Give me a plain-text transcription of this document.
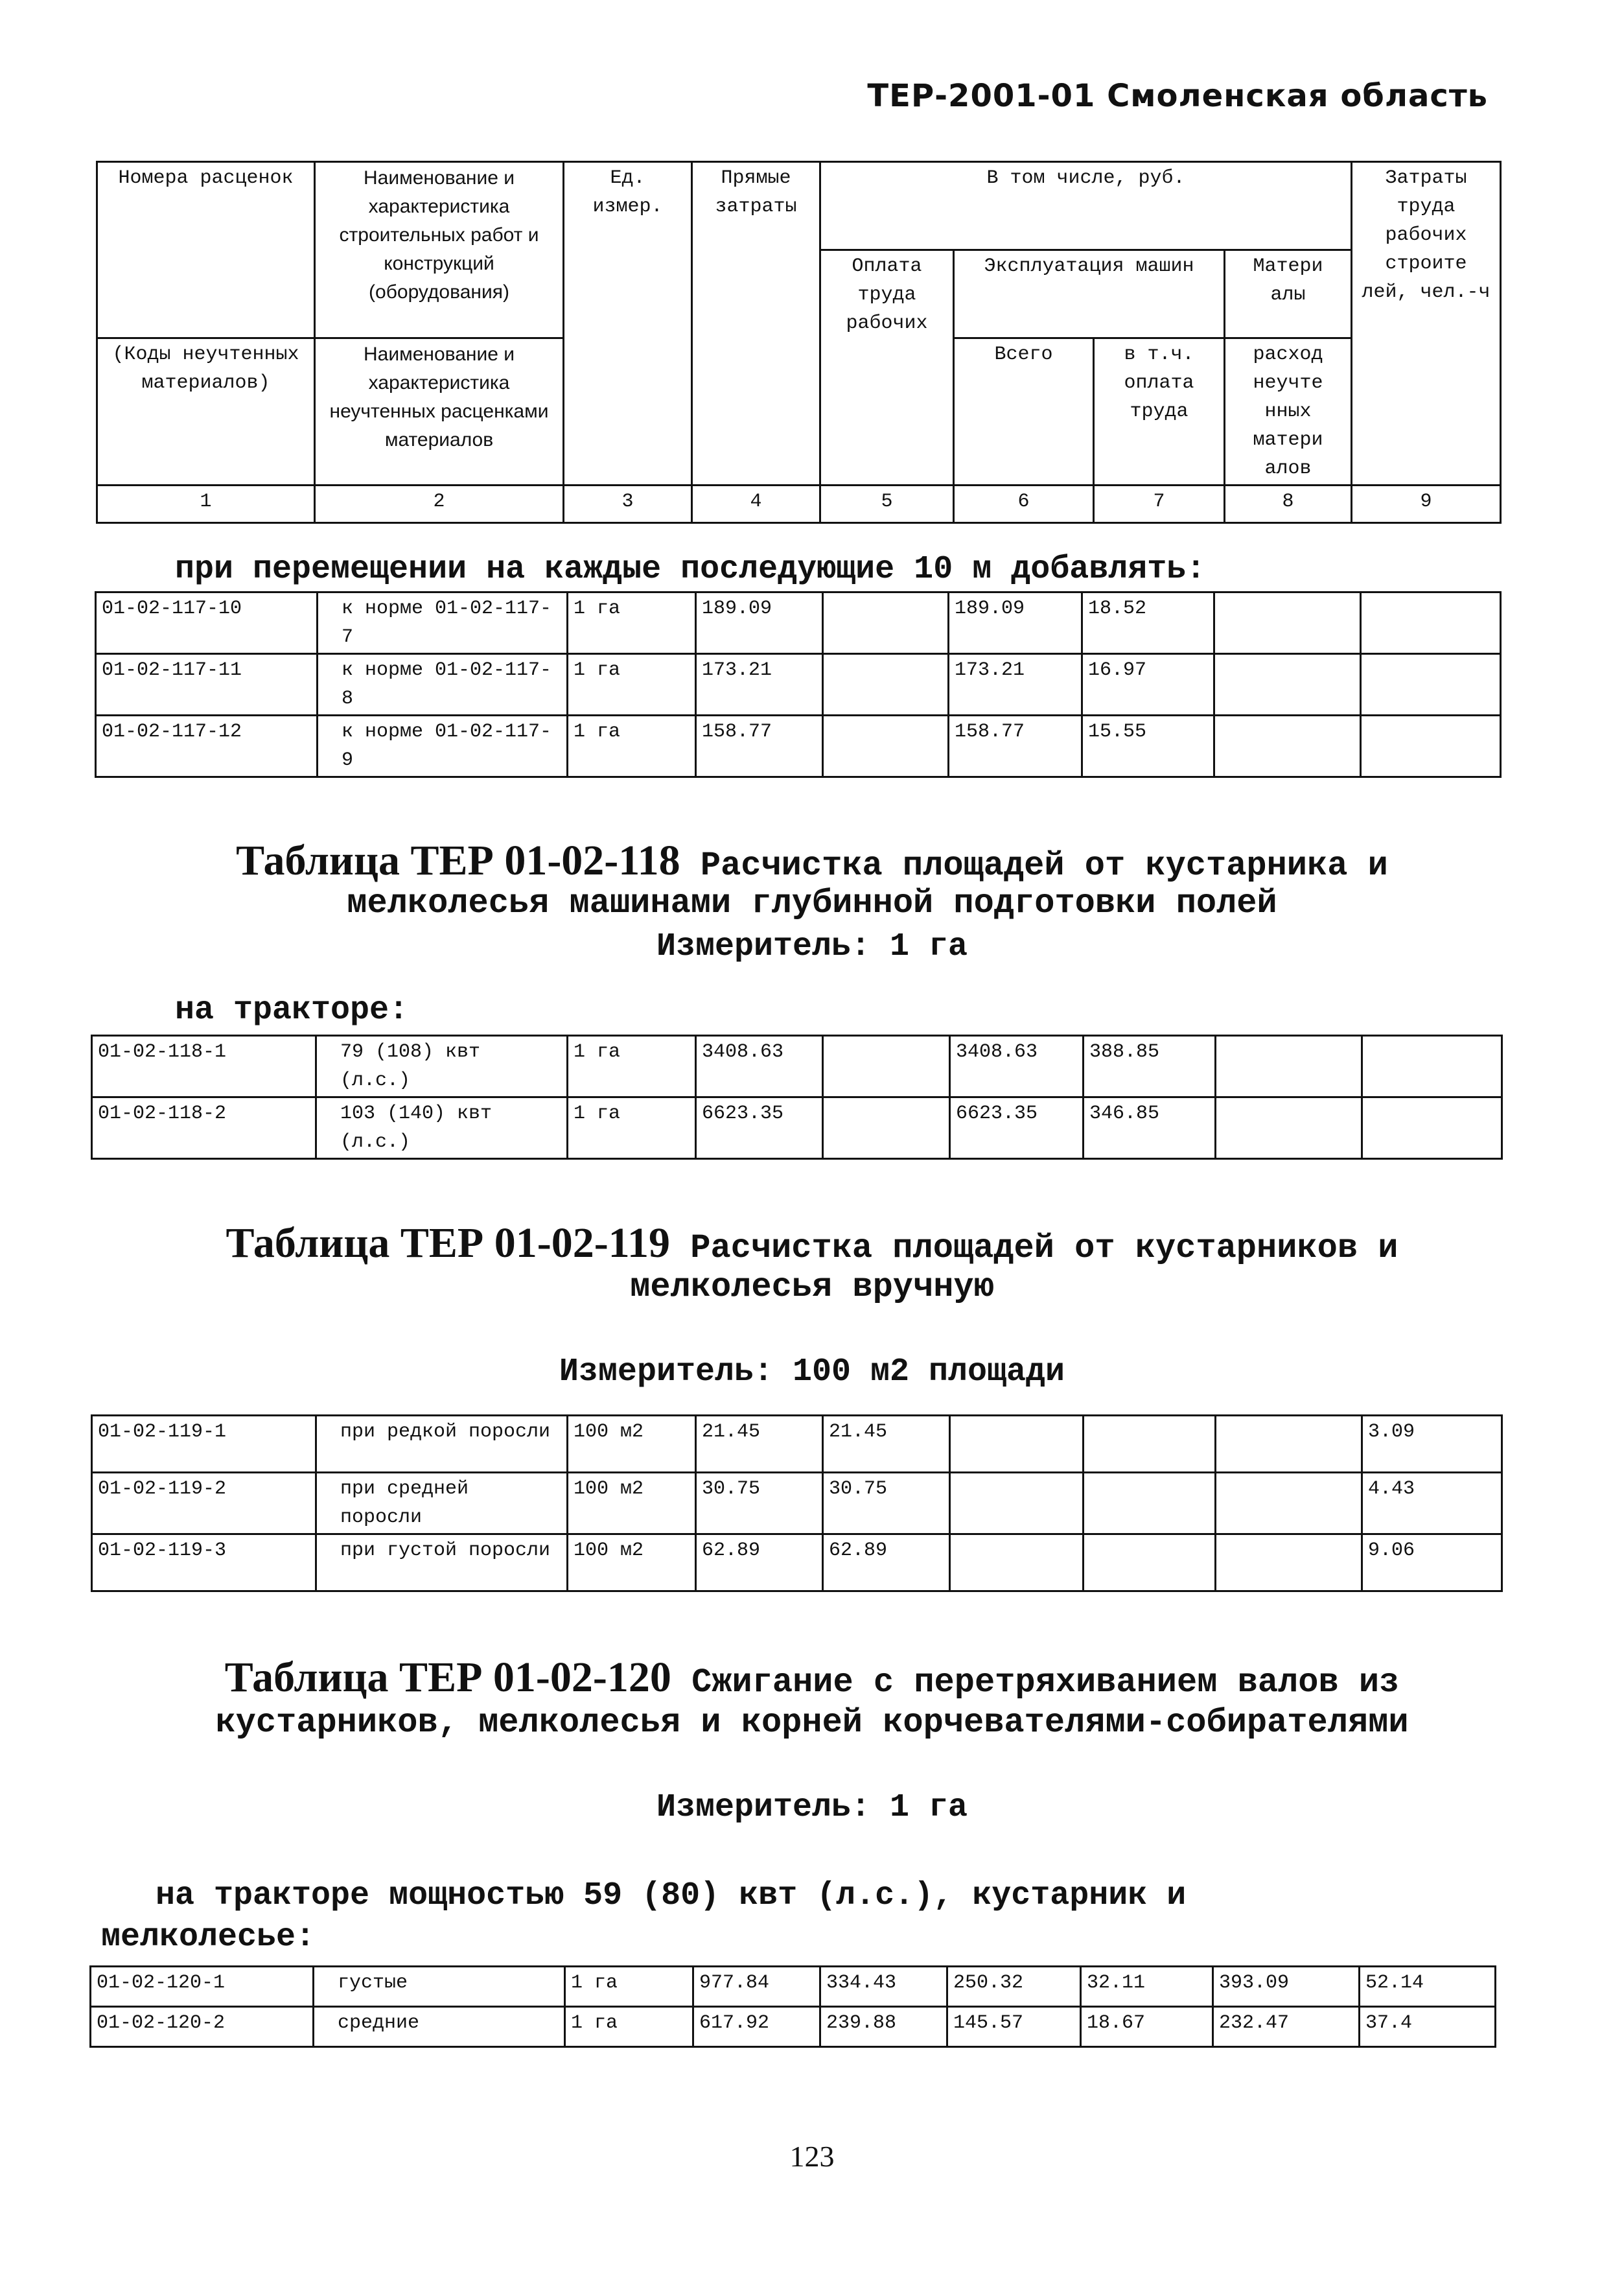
ТЕР-2001-01 Смоленская область
Номера расценок	Наименование и характеристика строительных работ и конструкций (оборудования)	Ед. измер.	Прямые затраты	В том числе, руб.				Затраты труда рабочих строите лей, чел.-ч
				Оплата труда рабочих	Эксплуатация машин		Матери алы	
(Коды неучтенных материалов)	Наименование и характеристика неучтенных расценками материалов				Всего	в т.ч. оплата труда	расход неучте нных матери алов	
1	2	3	4	5	6	7	8	9
при перемещении на каждые последующие 10 м добавлять:
01-02-117-10	к норме 01-02-117-7	1 га	189.09		189.09	18.52		
01-02-117-11	к норме 01-02-117-8	1 га	173.21		173.21	16.97		
01-02-117-12	к норме 01-02-117-9	1 га	158.77		158.77	15.55		
Таблица ТЕР 01-02-118 Расчистка площадей от кустарника и
мелколесья машинами глубинной подготовки полей
Измеритель: 1 га
на тракторе:
01-02-118-1	79 (108) квт (л.с.)	1 га	3408.63		3408.63	388.85		
01-02-118-2	103 (140) квт (л.с.)	1 га	6623.35		6623.35	346.85		
Таблица ТЕР 01-02-119 Расчистка площадей от кустарников и
мелколесья вручную
Измеритель: 100 м2 площади
01-02-119-1	при редкой поросли	100 м2	21.45	21.45				3.09
01-02-119-2	при средней поросли	100 м2	30.75	30.75				4.43
01-02-119-3	при густой поросли	100 м2	62.89	62.89				9.06
Таблица ТЕР 01-02-120 Сжигание с перетряхиванием валов из
кустарников, мелколесья и корней корчевателями-собирателями
Измеритель: 1 га
на тракторе мощностью 59 (80) квт (л.с.), кустарник и
мелколесье:
01-02-120-1	густые	1 га	977.84	334.43	250.32	32.11	393.09	52.14
01-02-120-2	средние	1 га	617.92	239.88	145.57	18.67	232.47	37.4
123
